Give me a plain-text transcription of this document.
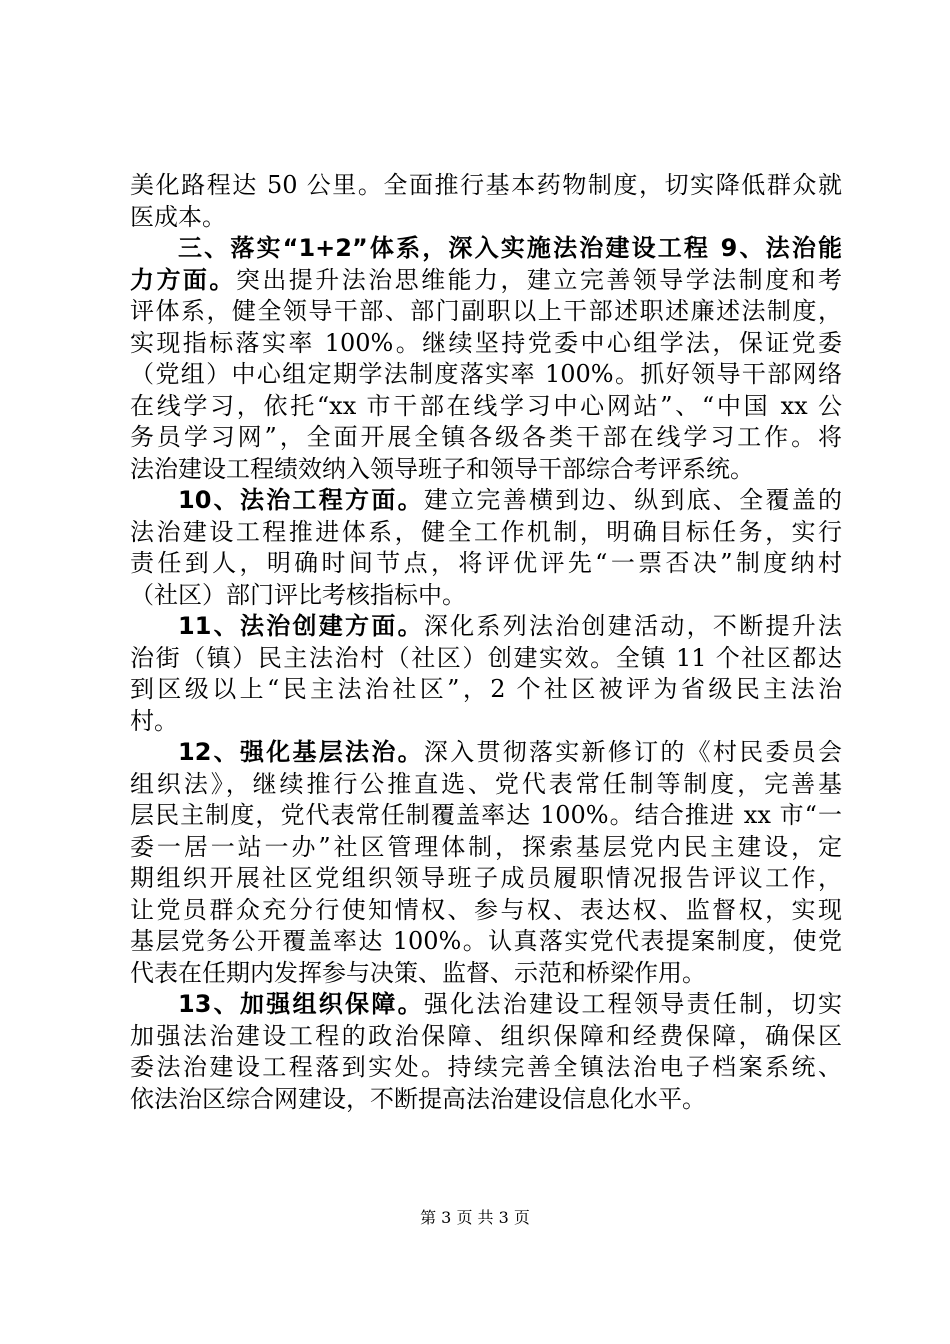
美化路程达 50 公里。全面推行基本药物制度，切实降低群众就
医成本。
三、落实“1+2”体系，深入实施法治建设工程 9、法治能
力方面。突出提升法治思维能力，建立完善领导学法制度和考
评体系，健全领导干部、部门副职以上干部述职述廉述法制度，
实现指标落实率 100%。继续坚持党委中心组学法，保证党委
（党组）中心组定期学法制度落实率 100%。抓好领导干部网络
在线学习，依托“xx 市干部在线学习中心网站”、“中国 xx 公
务员学习网”，全面开展全镇各级各类干部在线学习工作。将
法治建设工程绩效纳入领导班子和领导干部综合考评系统。
10、法治工程方面。建立完善横到边、纵到底、全覆盖的
法治建设工程推进体系，健全工作机制，明确目标任务，实行
责任到人，明确时间节点，将评优评先“一票否决”制度纳村
（社区）部门评比考核指标中。
11、法治创建方面。深化系列法治创建活动，不断提升法
治街（镇）民主法治村（社区）创建实效。全镇 11 个社区都达
到区级以上“民主法治社区”，2 个社区被评为省级民主法治
村。
12、强化基层法治。深入贯彻落实新修订的《村民委员会
组织法》，继续推行公推直选、党代表常任制等制度，完善基
层民主制度，党代表常任制覆盖率达 100%。结合推进 xx 市“一
委一居一站一办”社区管理体制，探索基层党内民主建设，定
期组织开展社区党组织领导班子成员履职情况报告评议工作，
让党员群众充分行使知情权、参与权、表达权、监督权，实现
基层党务公开覆盖率达 100%。认真落实党代表提案制度，使党
代表在任期内发挥参与决策、监督、示范和桥梁作用。
13、加强组织保障。强化法治建设工程领导责任制，切实
加强法治建设工程的政治保障、组织保障和经费保障，确保区
委法治建设工程落到实处。持续完善全镇法治电子档案系统、
依法治区综合网建设，不断提高法治建设信息化水平。
第 3 页 共 3 页
